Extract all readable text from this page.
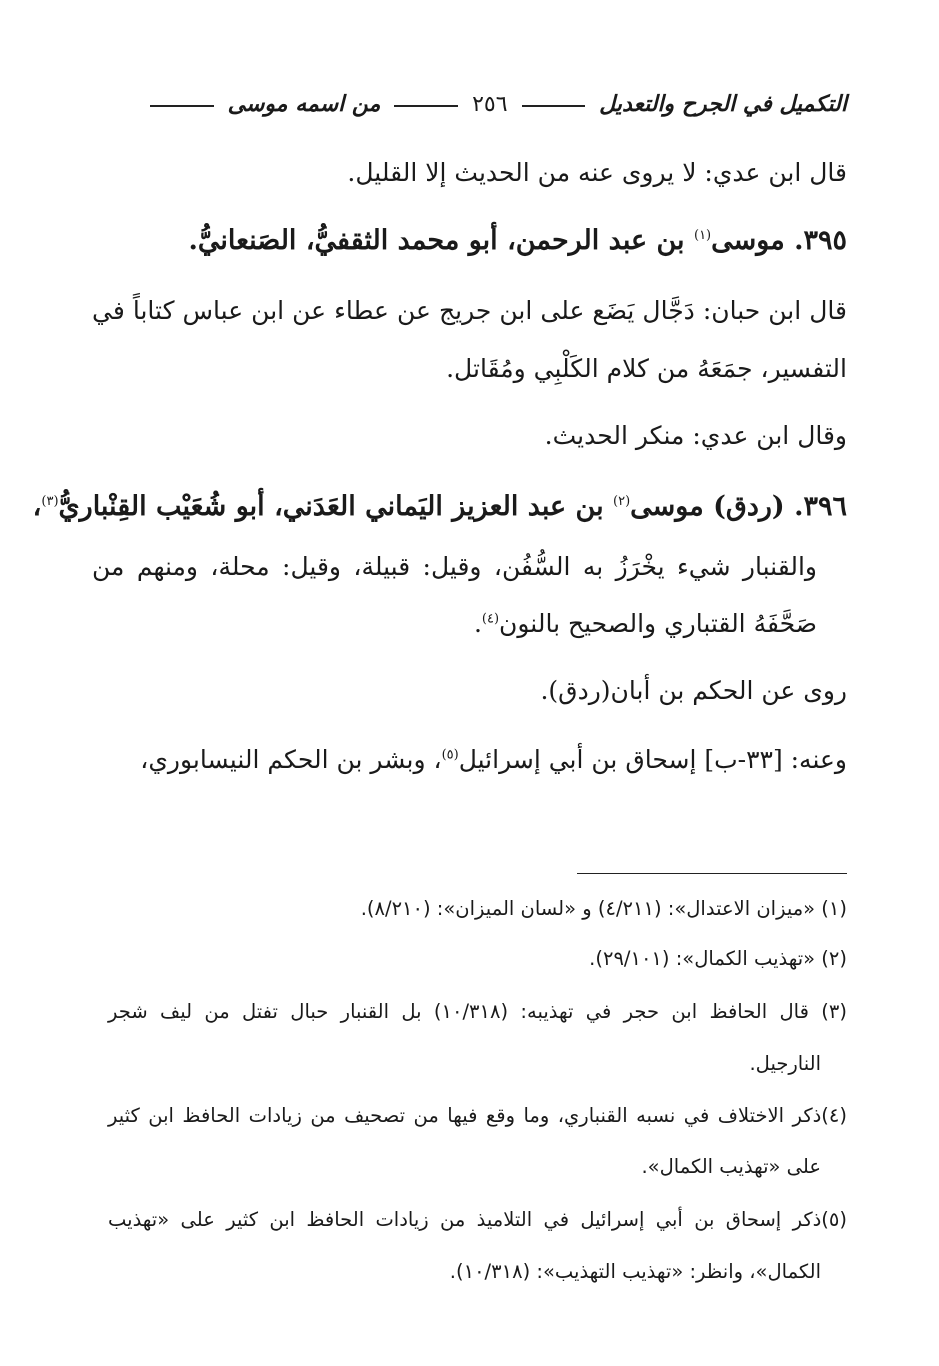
التكميل في الجرح والتعديل
٢٥٦
من اسمه موسى
قال ابن عدي: لا يروى عنه من الحديث إلا القليل.
٣٩٥. موسى$^{(١)}$ بن عبد الرحمن، أبو محمد الثقفيُّ، الصَنعانيُّ.
قال ابن حبان: دَجَّال يَضَع على ابن جريج عن عطاء عن ابن عباس كتاباً في
التفسير، جمَعَهُ من كلام الكَلْبِي ومُقَاتل.
وقال ابن عدي: منكر الحديث.
٣٩٦. (ردق) موسى$^{(٢)}$ بن عبد العزيز اليَماني العَدَني، أبو شُعَيْب القِنْباريُّ$^{(٣)}$،
والقنبار شيء يخْرَزُ به السُّفُن، وقيل: قبيلة، وقيل: محلة، ومنهم من
صَحَّفَهُ القتباري والصحيح بالنون$^{(٤)}$.
روى عن الحكم بن أبان(ردق).
وعنه: [٣٣-ب] إسحاق بن أبي إسرائيل$^{(٥)}$، وبشر بن الحكم النيسابوري،
(١) «ميزان الاعتدال»: (٤/٢١١) و «لسان الميزان»: (٨/٢١٠).
(٢) «تهذيب الكمال»: (٢٩/١٠١).
(٣) قال الحافظ ابن حجر في تهذيبه: (١٠/٣١٨) بل القنبار حبال تفتل من ليف شجر
النارجيل.
(٤)ذكر الاختلاف في نسبه القنباري، وما وقع فيها من تصحيف من زيادات الحافظ ابن كثير
على «تهذيب الكمال».
(٥)ذكر إسحاق بن أبي إسرائيل في التلاميذ من زيادات الحافظ ابن كثير على «تهذيب
الكمال»، وانظر: «تهذيب التهذيب»: (١٠/٣١٨).
